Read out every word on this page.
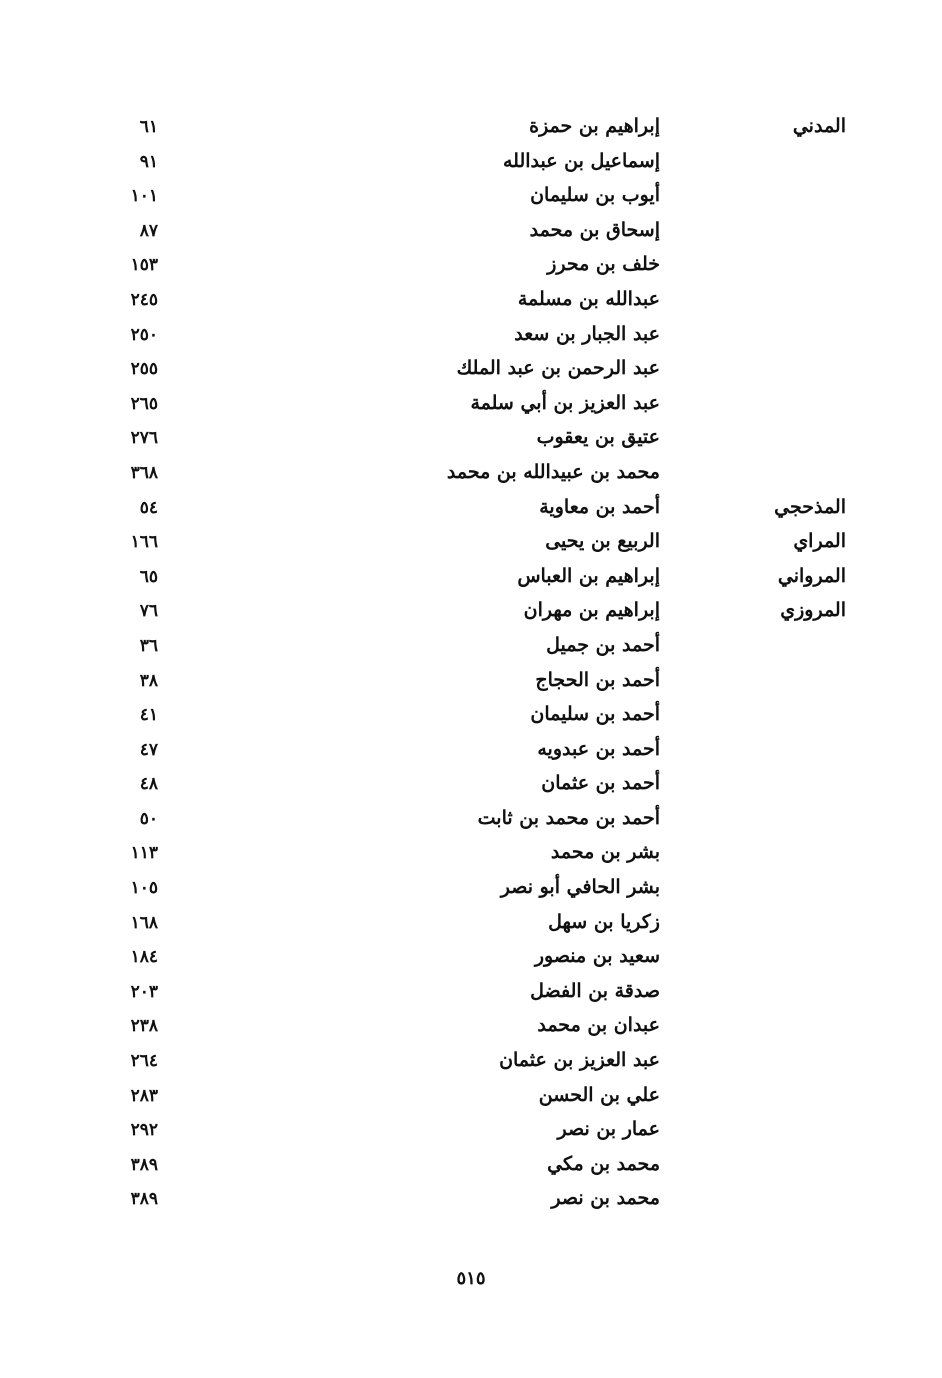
المدني
إبراهيم بن حمزة
٦١
إسماعيل بن عبدالله
٩١
أيوب بن سليمان
١٠١
إسحاق بن محمد
٨٧
خلف بن محرز
١٥٣
عبدالله بن مسلمة
٢٤٥
عبد الجبار بن سعد
٢٥٠
عبد الرحمن بن عبد الملك
٢٥٥
عبد العزيز بن أبي سلمة
٢٦٥
عتيق بن يعقوب
٢٧٦
محمد بن عبيدالله بن محمد
٣٦٨
المذحجي
أحمد بن معاوية
٥٤
المراي
الربيع بن يحيى
١٦٦
المرواني
إبراهيم بن العباس
٦٥
المروزي
إبراهيم بن مهران
٧٦
أحمد بن جميل
٣٦
أحمد بن الحجاج
٣٨
أحمد بن سليمان
٤١
أحمد بن عبدويه
٤٧
أحمد بن عثمان
٤٨
أحمد بن محمد بن ثابت
٥٠
بشر بن محمد
١١٣
بشر الحافي أبو نصر
١٠٥
زكريا بن سهل
١٦٨
سعيد بن منصور
١٨٤
صدقة بن الفضل
٢٠٣
عبدان بن محمد
٢٣٨
عبد العزيز بن عثمان
٢٦٤
علي بن الحسن
٢٨٣
عمار بن نصر
٢٩٢
محمد بن مكي
٣٨٩
محمد بن نصر
٣٨٩
٥١٥
